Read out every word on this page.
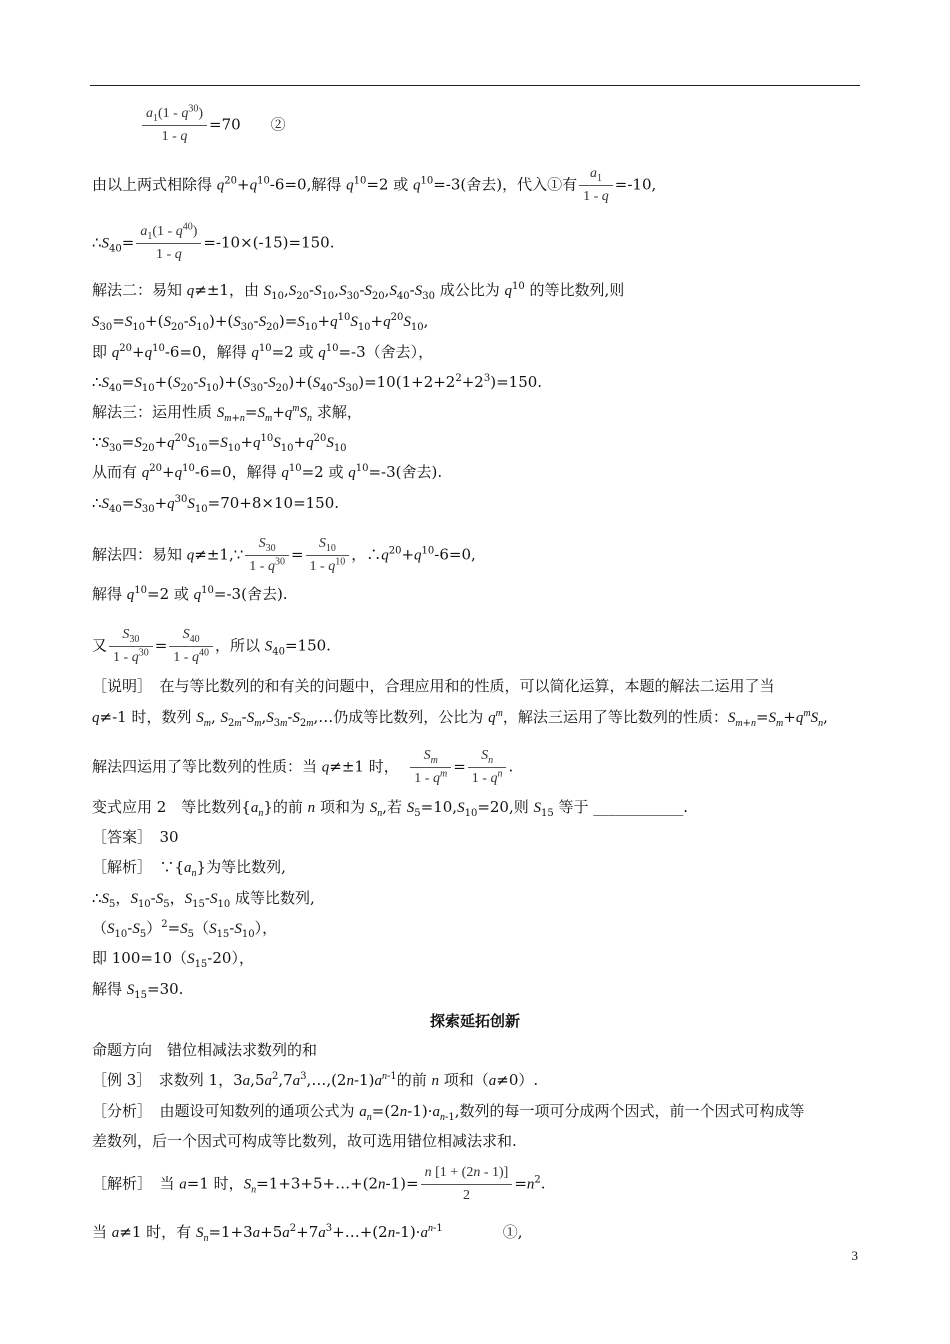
$\frac{a_1(1 - q^{30})}{1 - q} =70$　　②
由以上两式相除得 $q^{20}+q^{10}-6=0$,解得 $q^{10}=2$ 或 $q^{10}=-3$(舍去)，代入①有 $\frac{a_1}{1 - q} =-10$,
$\therefore S_{40}= \frac{a_1(1 - q^{40})}{1 - q} =-10\times(-15)=150$.
解法二：易知 q≠±1，由 $S_{10},S_{20}-S_{10},S_{30}-S_{20},S_{40}-S_{30}$ 成公比为 $q^{10}$ 的等比数列,则
$S_{30}=S_{10}+(S_{20}-S_{10})+(S_{30}-S_{20})=S_{10}+q^{10}S_{10}+q^{20}S_{10}$,
即 $q^{20}+q^{10}-6=0$，解得 $q^{10}=2$ 或 $q^{10}=-3$（舍去），
$\therefore S_{40}=S_{10}+(S_{20}-S_{10})+(S_{30}-S_{20})+(S_{40}-S_{30})=10(1+2+2^2+2^3)=150$.
解法三：运用性质 $S_{m+n}=S_m+q^mS_n$ 求解，
$\because S_{30}=S_{20}+q^{20}S_{10}=S_{10}+q^{10}S_{10}+q^{20}S_{10}$
从而有 $q^{20}+q^{10}-6=0$，解得 $q^{10}=2$ 或 $q^{10}=-3$(舍去).
$\therefore S_{40}=S_{30}+q^{30}S_{10}=70+8\times 10=150$.
解法四：易知 q≠±1,∵ $\frac{S_{30}}{1 - q^{30}} = \frac{S_{10}}{1 - q^{10}}$ ，$\therefore q^{20}+q^{10}-6=0$,
解得 $q^{10}=2$ 或 $q^{10}=-3$(舍去).
又 $\frac{S_{30}}{1 - q^{30}} = \frac{S_{40}}{1 - q^{40}}$ ，所以 $S_{40}=150$.
［说明］　在与等比数列的和有关的问题中，合理应用和的性质，可以简化运算，本题的解法二运用了当
q≠-1 时，数列 $S_m$, $S_{2m}-S_m,S_{3m}-S_{2m},\dots$仍成等比数列，公比为 $q^m$，解法三运用了等比数列的性质：$S_{m+n}=S_m+q^mS_n$,
解法四运用了等比数列的性质：当 q≠±1 时， $\frac{S_m}{1 - q^m} = \frac{S_n}{1 - q^n}$ .
变式应用 2　等比数列$\{a_n\}$的前 n 项和为 $S_n$,若 $S_5=10,S_{10}=20$,则 $S_{15}$ 等于 ____________.
［答案］　30
［解析］　$\because\{a_n\}$为等比数列,
$\therefore S_5$，$S_{10}-S_5$，$S_{15}-S_{10}$ 成等比数列,
$(S_{10}-S_5)^2=S_5(S_{15}-S_{10})$，
即 $100=10(S_{15}-20)$，
解得 $S_{15}=30$.
探索延拓创新
命题方向　错位相减法求数列的和
［例 3］　求数列 1，$3a,5a^2,7a^3,\dots,(2n-1)a^{n-1}$的前 n 项和（a≠0）.
［分析］　由题设可知数列的通项公式为 $a_n=(2n-1)\cdot a_{n-1}$,数列的每一项可分成两个因式，前一个因式可构成等
差数列，后一个因式可构成等比数列，故可选用错位相减法求和.
［解析］　当 a=1 时，$S_n=1+3+5+\dots+(2n-1)= \frac{n [1 + (2n - 1)]}{2} =n^2$.
当 a≠1 时，有 $S_n=1+3a+5a^2+7a^3+\dots+(2n-1)\cdot a^{n-1}$　　　　①,
3
